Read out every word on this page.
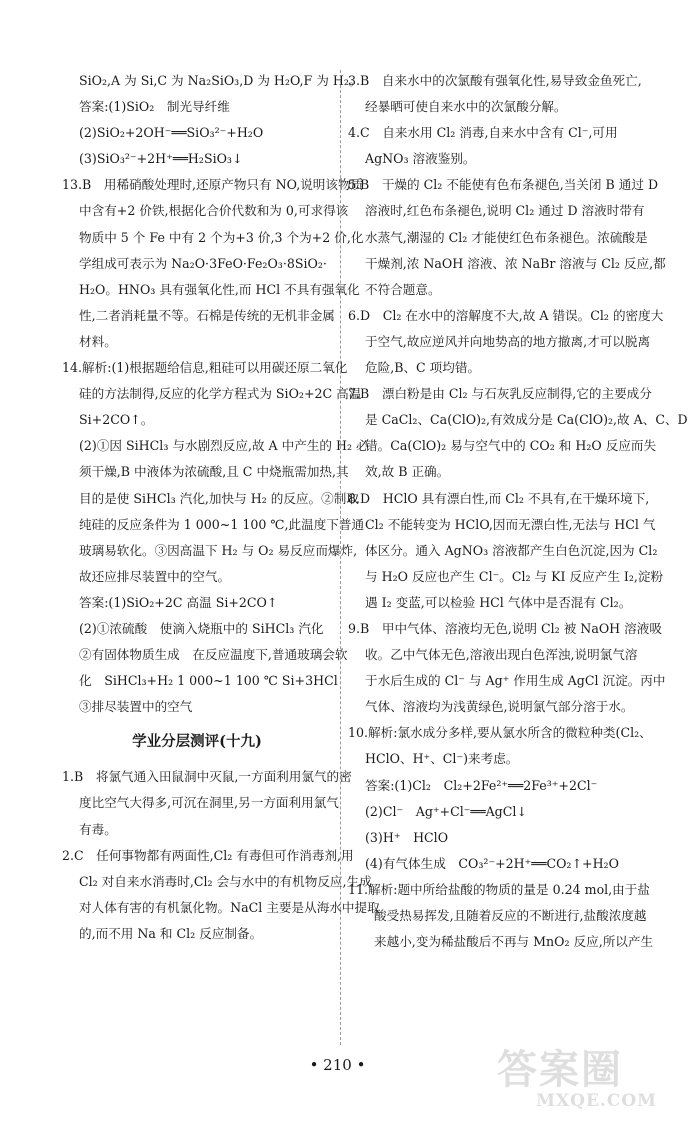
SiO₂,A 为 Si,C 为 Na₂SiO₃,D 为 H₂O,F 为 H₂。
答案:(1)SiO₂　制光导纤维
(2)SiO₂+2OH⁻══SiO₃²⁻+H₂O
(3)SiO₃²⁻+2H⁺══H₂SiO₃↓
13.B　用稀硝酸处理时,还原产物只有 NO,说明该物质
中含有+2 价铁,根据化合价代数和为 0,可求得该
物质中 5 个 Fe 中有 2 个为+3 价,3 个为+2 价,化
学组成可表示为 Na₂O·3FeO·Fe₂O₃·8SiO₂·
H₂O。HNO₃ 具有强氧化性,而 HCl 不具有强氧化
性,二者消耗量不等。石棉是传统的无机非金属
材料。
14.解析:(1)根据题给信息,粗硅可以用碳还原二氧化
硅的方法制得,反应的化学方程式为 SiO₂+2C 高温
Si+2CO↑。
(2)①因 SiHCl₃ 与水剧烈反应,故 A 中产生的 H₂ 必
须干燥,B 中液体为浓硫酸,且 C 中烧瓶需加热,其
目的是使 SiHCl₃ 汽化,加快与 H₂ 的反应。②制取
纯硅的反应条件为 1 000~1 100 ℃,此温度下普通
玻璃易软化。③因高温下 H₂ 与 O₂ 易反应而爆炸,
故还应排尽装置中的空气。
答案:(1)SiO₂+2C 高温 Si+2CO↑
(2)①浓硫酸　使滴入烧瓶中的 SiHCl₃ 汽化
②有固体物质生成　在反应温度下,普通玻璃会软
化　SiHCl₃+H₂ 1 000~1 100 ℃ Si+3HCl
③排尽装置中的空气
学业分层测评(十九)
1.B　将氯气通入田鼠洞中灭鼠,一方面利用氯气的密
度比空气大得多,可沉在洞里,另一方面利用氯气
有毒。
2.C　任何事物都有两面性,Cl₂ 有毒但可作消毒剂,用
Cl₂ 对自来水消毒时,Cl₂ 会与水中的有机物反应,生成
对人体有害的有机氯化物。NaCl 主要是从海水中提取
的,而不用 Na 和 Cl₂ 反应制备。
3.B　自来水中的次氯酸有强氧化性,易导致金鱼死亡,
经暴晒可使自来水中的次氯酸分解。
4.C　自来水用 Cl₂ 消毒,自来水中含有 Cl⁻,可用
AgNO₃ 溶液鉴别。
5.B　干燥的 Cl₂ 不能使有色布条褪色,当关闭 B 通过 D
溶液时,红色布条褪色,说明 Cl₂ 通过 D 溶液时带有
水蒸气,潮湿的 Cl₂ 才能使红色布条褪色。浓硫酸是
干燥剂,浓 NaOH 溶液、浓 NaBr 溶液与 Cl₂ 反应,都
不符合题意。
6.D　Cl₂ 在水中的溶解度不大,故 A 错误。Cl₂ 的密度大
于空气,故应逆风并向地势高的地方撤离,才可以脱离
危险,B、C 项均错。
7.B　漂白粉是由 Cl₂ 与石灰乳反应制得,它的主要成分
是 CaCl₂、Ca(ClO)₂,有效成分是 Ca(ClO)₂,故 A、C、D
错。Ca(ClO)₂ 易与空气中的 CO₂ 和 H₂O 反应而失
效,故 B 正确。
8.D　HClO 具有漂白性,而 Cl₂ 不具有,在干燥环境下,
Cl₂ 不能转变为 HClO,因而无漂白性,无法与 HCl 气
体区分。通入 AgNO₃ 溶液都产生白色沉淀,因为 Cl₂
与 H₂O 反应也产生 Cl⁻。Cl₂ 与 KI 反应产生 I₂,淀粉
遇 I₂ 变蓝,可以检验 HCl 气体中是否混有 Cl₂。
9.B　甲中气体、溶液均无色,说明 Cl₂ 被 NaOH 溶液吸
收。乙中气体无色,溶液出现白色浑浊,说明氯气溶
于水后生成的 Cl⁻ 与 Ag⁺ 作用生成 AgCl 沉淀。丙中
气体、溶液均为浅黄绿色,说明氯气部分溶于水。
10.解析:氯水成分多样,要从氯水所含的微粒种类(Cl₂、
HClO、H⁺、Cl⁻)来考虑。
答案:(1)Cl₂　Cl₂+2Fe²⁺══2Fe³⁺+2Cl⁻
(2)Cl⁻　Ag⁺+Cl⁻══AgCl↓
(3)H⁺　HClO
(4)有气体生成　CO₃²⁻+2H⁺══CO₂↑+H₂O
11.解析:题中所给盐酸的物质的量是 0.24 mol,由于盐
酸受热易挥发,且随着反应的不断进行,盐酸浓度越
来越小,变为稀盐酸后不再与 MnO₂ 反应,所以产生
• 210 •	答案圈
MXQE.COM
